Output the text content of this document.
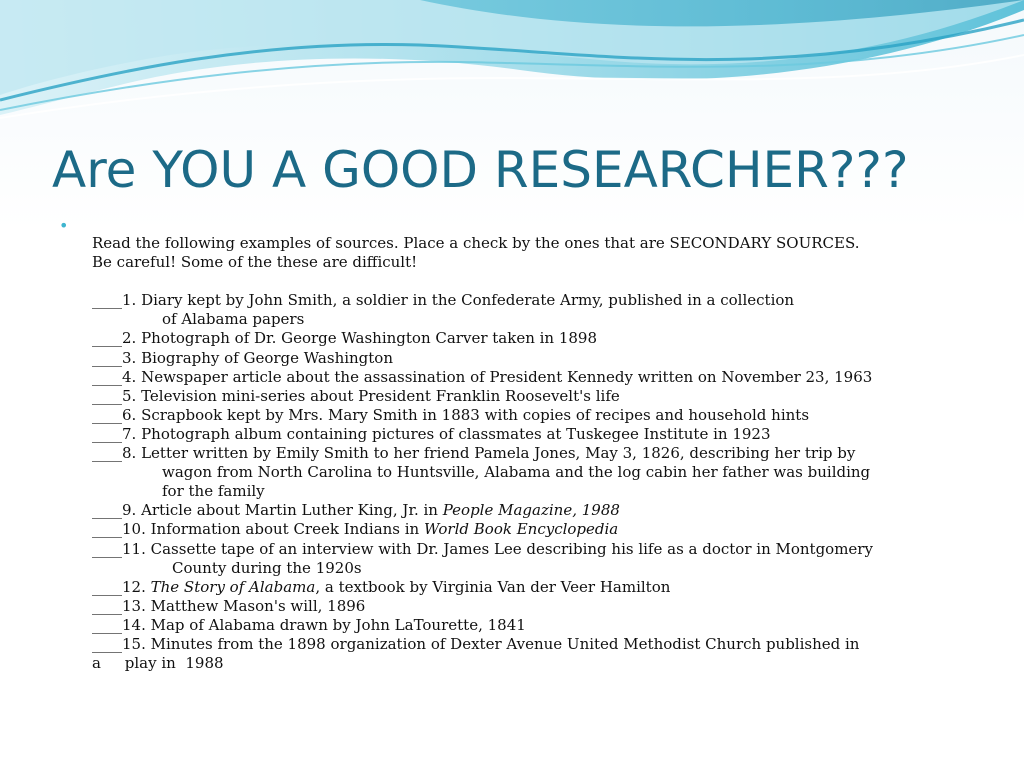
Are YOU A GOOD RESEARCHER???
•

Read the following examples of sources. Place a check by the ones that are SECONDARY SOURCES.

Be careful! Some of the these are difficult!

____1. Diary kept by John Smith, a soldier in the Confederate Army, published in a collection

of Alabama papers

____2. Photograph of Dr. George Washington Carver taken in 1898

____3. Biography of George Washington

____4. Newspaper article about the assassination of President Kennedy written on November 23, 1963

____5. Television mini-series about President Franklin Roosevelt's life

____6. Scrapbook kept by Mrs. Mary Smith in 1883 with copies of recipes and household hints

____7. Photograph album containing pictures of classmates at Tuskegee Institute in 1923

____8. Letter written by Emily Smith to her friend Pamela Jones, May 3, 1826, describing her trip by

wagon from North Carolina to Huntsville, Alabama and the log cabin her father was building

for the family

____9. Article about Martin Luther King, Jr. in People Magazine, 1988

____10. Information about Creek Indians in World Book Encyclopedia

____11. Cassette tape of an interview with Dr. James Lee describing his life as a doctor in Montgomery

County during the 1920s

____12. The Story of Alabama, a textbook by Virginia Van der Veer Hamilton

____13. Matthew Mason's will, 1896

____14. Map of Alabama drawn by John LaTourette, 1841

____15. Minutes from the 1898 organization of Dexter Avenue United Methodist Church published in

a     play in  1988
